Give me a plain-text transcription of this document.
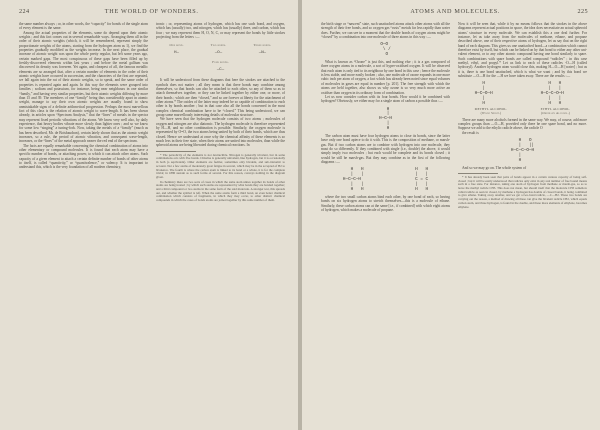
224	THE WORLD OF WONDERS.

the same number always ; or, in other words, the “capacity” for bonds of the single atom of every element is the same.

Among the actual properties of the elements, some do depend upon their atomic weights ; and this fact comes out in several remarkable ways. Arranging them all in the order of their atomic weights (which, it will be remembered, represent simply the proportionate weights of the atoms, starting from the hydrogen atom as 1), we find the properties gradually modified as the weights increase. In the next place, the gradual increase of atomic weight was upon the whole pretty regular, but left some years ago, certain marked gaps. The most conspicuous of these gaps have been filled up by freshly-discovered elements within last years ; and before the metal gallium was discovered its density was foreseen. Yet again, and cheapest of all, the famous metallic elements are so arranged that, after a certain number of elements in the order of their atomic weights have occurred in succession, and the characters of the first are repeated, we fall again into the rut of their atomic weights, so to speak, and the same order of properties is repeated again and again. In this way the elements were grouped into families ; sodium and potassium, for instance, being near neighbours in one similar “family,” and having very similar properties, but their atomic weights differing by more than 15 and 39. The members of one “family” being thus considerably apart in atomic weight, manage to say their own atomic weights are usually found to show unmistakable signs of a definite arithmetical progression. Perhaps the most marvellous fact of this class is the relation of atomic weight to wave-length. It has been shown already, in articles upon “Spectrum Analysis,” that the “lines” of metals in the spectra may represent fixed periodic vibrations of the atoms. We know very well also, by daily experience, that heavy bodies vibrate more slowly than lighter ones ; and so we know for some low “singing” a tuning-fork. Now, taking the metals of a “family” (much as has been described, Mr. de Boisbaudran), certain lately shown that as the atomic weight increases, so a rule, the period of atomic vibration, and consequent wave-length, increases, or the “lines” of the metal approach nearer the red end of the spectrum.

The facts are equally remarkable concerning the chemical combination of atoms into other elementary or compound molecules. It is found that each atom may have a specific number of bonds, or attaching power, to which it can attach other atoms. Such capacity of a given element to attach a certain definite number of bonds of other atoms to itself, is called “quantivity,” or “quantivalence,” or valency. It is important to understand this, which is the very foundation of all modern chemistry,

tronic ; or, representing atoms of hydrogen, which has one such bond, and oxygen, which has (usually) two, and nitrogen, which has (usually) three, and carbon, which has four ; we may represent them H, O, N, C, or may represent the bonds by little strokes projecting from the letters :—

One bond.
H—
Two bonds.
—O—
Three bonds.
—N—
Four bonds.
—C—

It will be understood from these diagrams that here the strokes are attached to the symbols does not matter ; all they mean is that there bonds may combine among themselves, so that bonds can also be attached to each other, so any of them so as to attach themselves together, or they can be linked together by either one, or more, of their bonds ; which are then “closed,” and so are forever at liberty for the attachment of other atoms.* The oxides of the latter may indeed be so capable of combination to each other is by bonds another ; but in that case also all the bonds concerned in the most complex chemical combination have to be “closed.” This being understood, we can group some marvellously interesting details of molecular structure.

We have seen that the hydrogen molecule consists of two atoms ; molecules of oxygen and nitrogen are also diatomic. The hydrogen molecule is therefore represented by H—H, and no other combination is possible. Similarly, the oxygen molecule is represented by O=O, the two atoms being united by both of their bonds, which are thus closed. Hence we understand at once why the chemical affinity of these elements is so much less in their free state, when their atoms are united into molecules, than while the spheroid atoms are being liberated during chemical reactions. In

* The periodicity of the elements is not destructible. Nitrogen is generally trivalent, but in some combinations acts with five bonds. Chlorine is generally univalent, like hydrogen, but it is occasionally in both (a septivalent). Other elements are feebler, sometimes only bivalent, and sub-triatomic to account. Not a few atoms of moderately great fatigue in several, which may be in the accepted of H2 to bivalence. The fourth is where the carbon atom is linked to its bond or a whole, it is for the complete trivial; in 1880 sustain as to such forms of several. For this reason, conveys nothing in the diagram given.

In chemistry there are two sorts of cases in which the same atom unites together its bonds of other atoms are being treated ; by which such atoms are represented by what bonds they are bonded together; and a third compound or two atoms in the same form of the said molecule. A stronger test, this spreads out, and whether the symbol is left. When the same atoms form a third bond, an even better chemical combination which consists of fragments, in which they may occur, to other distinct chemical compounds in which the cases of bonds atoms are joined together by this same number of them.

ATOMS AND MOLECULES.	225

the birth stage or “nascent” state, such unattached atoms attack other atoms with all the strength of their free bonds, and so oxygen gas “rusts” metals far less rapidly than water does. Further, we can see in a moment that the double bonds of oxygen atoms might be “closed” by a combination into one molecule of three atoms in this way :—

O—O
\ /
O

What is known as “Ozone” is just this, and nothing else ; it is a gas composed of three oxygen atoms in a molecule, a sort of hyper-oxidised oxygen. It will be observed that each atom is only tied to its neighbour by one bond in this case ; hence the molecule is less stable, and more easily broken ; also, one molecule of ozone expands in one more cubic inch per atom of oxygen, a fact which has already been noted since equal volumes of molecules in gases are equal in number [p. 201]. The free strength with which the atoms are held together, also shows us why ozone is so very much more active an oxidiser than oxygen in its ordinary form of combination.

Let us now consider carbon with its four bonds. How would it be combined with hydrogen? Obviously, we either may for a single atom of carbon a possible thus :—

H
|
H—C—H
|
H

The carbon atom must have four hydrogen atoms to close its bonds, since the latter have only one bond apiece to do it with. This is the composition of methane, or marsh-gas. But if two carbon atoms are to combine with hydrogen into one molecule, they must do so differently. If they combined with single (i.e., double) the above, it would simply imply two molecules ; but each would be complete and its bonds closed ; it would be still be marsh-gas. But they may combine as in the first of the following diagrams :—

H   H
|   |
H—C—C—H
|   |
H   H
H   H
|   |
C = C
|   |
H   H

where the two small carbon atoms bind each other, by one bond of each, so having bonds on six hydrogen atoms to stretch themselves—this is a molecule of ethane. Similarly, these carbon atoms can at the same [i.e., if combined] with which eight atoms of hydrogen, which makes a molecule of propane.

Now it will be seen that, while it by no means follows that the strokes in the above diagrams represent actual positions in space, the idea does necessitate an actual spheroid atoms' structure in every molecule. We can establish this a one deal further. For instance, let us take away from the molecules of methane, ethane, and propane described above, one of their respective atoms of hydrogen, let us say that on the right hand of each diagram. This gives us one unattached bond—a combination which cannot therefore exist by itself, but which can be linked on by that bond to either any other uni-valent element, or to any other atomic compound having one bond similarly to spare. Such combinations with spare bonds are called compound “radicles” ; in this case methyl, ethyl, and propyl.* Let us link to each of these radicles -O—H (called hydroxyl). Another hydrogen atom would close this, making H—O—H [water] ; but as it is, there is one bond unattached, which is what we want ; and by this bond we substitute —O—H for the —H we have taken away. There are the results :—

H
|
H—C—O—H
|
H
METHYL ALCOHOL.
(Wood Spirit.)
H   H
|   |
H—C—C—O—H
|   |
H   H
ETHYL ALCOHOL.
(Ordinary Alcohol.)

There are many more alcohols formed in the same way. We may, of course, add more complex groups than —O—H, provided only there be one spare bond, and no more. Suppose we add to the ethylic radicle above, the radicle O

the result is

H   O
|   ||
H—C—C—O—H
|
H

And so we may go on. The whole system of

* It has already been seen that pairs of bonds appear in a certain curious capacity of being self-closed ; but it will be easily understood that radicles only exist in any real number of free bound means such in a free state. For instance, taking one atom of hydrogen from methane or marsh-gas, so as to leave the methyl radicle CH3. This does not mean, but should itself that the molecule CH3 somehow called radicle as seen in closed, by methane a hydrogen has double of closed bonds, it being combined to give ethane. Taking away another, and we get a two-bond radicle, —C—H2. These two bonds are carrying out the reason, a method of drawing all these can give the bivalent radicle CH2, which equals carbon atom, and three hydrogen, is found in the double, and these more elements of ethylene, becomes ethylene.
